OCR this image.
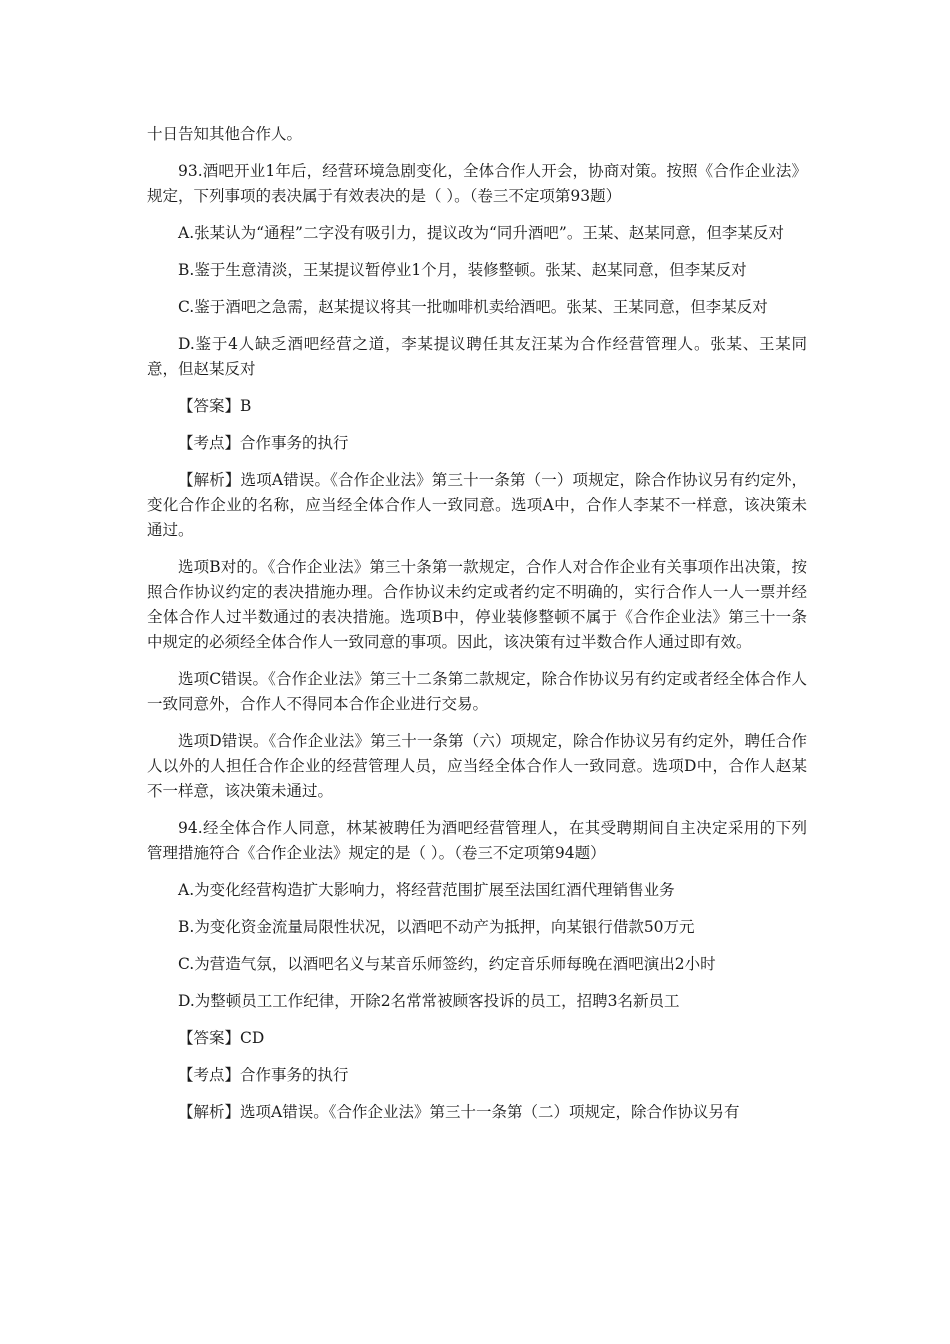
十日告知其他合作人。

93.酒吧开业1年后，经营环境急剧变化，全体合作人开会，协商对策。按照《合作企业法》规定，下列事项的表决属于有效表决的是（ ）。（卷三不定项第93题）

A.张某认为“通程”二字没有吸引力，提议改为“同升酒吧”。王某、赵某同意，但李某反对

B.鉴于生意清淡，王某提议暂停业1个月，装修整顿。张某、赵某同意，但李某反对

C.鉴于酒吧之急需，赵某提议将其一批咖啡机卖给酒吧。张某、王某同意，但李某反对

D.鉴于4人缺乏酒吧经营之道，李某提议聘任其友汪某为合作经营管理人。张某、王某同意，但赵某反对

【答案】B

【考点】合作事务的执行

【解析】选项A错误。《合作企业法》第三十一条第（一）项规定，除合作协议另有约定外，变化合作企业的名称，应当经全体合作人一致同意。选项A中，合作人李某不一样意，该决策未通过。

选项B对的。《合作企业法》第三十条第一款规定，合作人对合作企业有关事项作出决策，按照合作协议约定的表决措施办理。合作协议未约定或者约定不明确的，实行合作人一人一票并经全体合作人过半数通过的表决措施。选项B中，停业装修整顿不属于《合作企业法》第三十一条中规定的必须经全体合作人一致同意的事项。因此，该决策有过半数合作人通过即有效。

选项C错误。《合作企业法》第三十二条第二款规定，除合作协议另有约定或者经全体合作人一致同意外，合作人不得同本合作企业进行交易。

选项D错误。《合作企业法》第三十一条第（六）项规定，除合作协议另有约定外，聘任合作人以外的人担任合作企业的经营管理人员，应当经全体合作人一致同意。选项D中，合作人赵某不一样意，该决策未通过。

94.经全体合作人同意，林某被聘任为酒吧经营管理人，在其受聘期间自主决定采用的下列管理措施符合《合作企业法》规定的是（ ）。（卷三不定项第94题）

A.为变化经营构造扩大影响力，将经营范围扩展至法国红酒代理销售业务

B.为变化资金流量局限性状况，以酒吧不动产为抵押，向某银行借款50万元

C.为营造气氛，以酒吧名义与某音乐师签约，约定音乐师每晚在酒吧演出2小时

D.为整顿员工工作纪律，开除2名常常被顾客投诉的员工，招聘3名新员工

【答案】CD

【考点】合作事务的执行

【解析】选项A错误。《合作企业法》第三十一条第（二）项规定，除合作协议另有
